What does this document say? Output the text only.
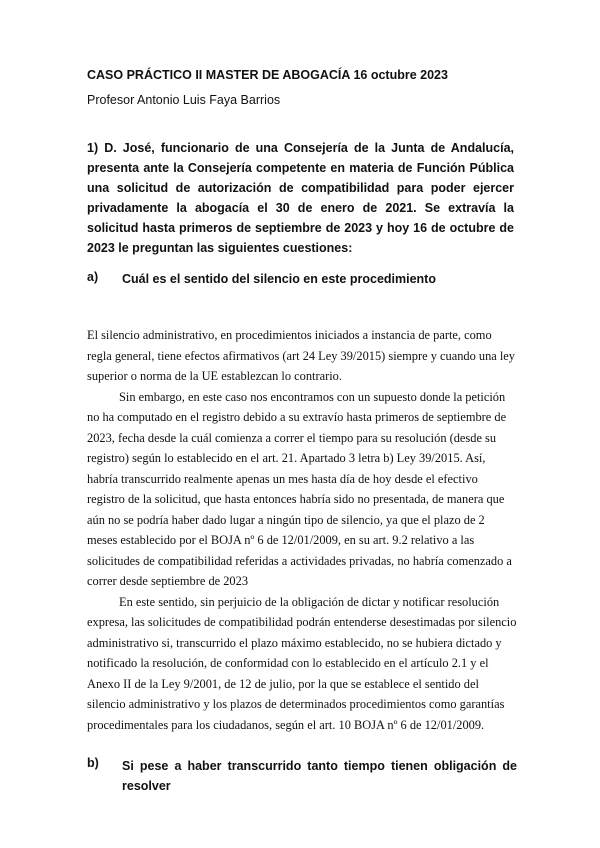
CASO PRÁCTICO II MASTER DE ABOGACÍA 16 octubre 2023
Profesor Antonio Luis Faya Barrios

1) D. José, funcionario de una Consejería de la Junta de Andalucía, presenta ante la Consejería competente en materia de Función Pública una solicitud de autorización de compatibilidad para poder ejercer privadamente la abogacía el 30 de enero de 2021. Se extravía la solicitud hasta primeros de septiembre de 2023 y hoy 16 de octubre de 2023 le preguntan las siguientes cuestiones:

a)	Cuál es el sentido del silencio en este procedimiento

El silencio administrativo, en procedimientos iniciados a instancia de parte, como regla general, tiene efectos afirmativos (art 24 Ley 39/2015) siempre y cuando una ley superior o norma de la UE establezcan lo contrario.

Sin embargo, en este caso nos encontramos con un supuesto donde la petición no ha computado en el registro debido a su extravío hasta primeros de septiembre de 2023, fecha desde la cuál comienza a correr el tiempo para su resolución (desde su registro) según lo establecido en el art. 21. Apartado 3 letra b) Ley 39/2015. Así, habría transcurrido realmente apenas un mes hasta día de hoy desde el efectivo registro de la solicitud, que hasta entonces habría sido no presentada, de manera que aún no se podría haber dado lugar a ningún tipo de silencio, ya que el plazo de 2 meses establecido por el BOJA nº 6 de 12/01/2009, en su art. 9.2 relativo a las solicitudes de compatibilidad referidas a actividades privadas, no habría comenzado a correr desde septiembre de 2023

En este sentido, sin perjuicio de la obligación de dictar y notificar resolución expresa, las solicitudes de compatibilidad podrán entenderse desestimadas por silencio administrativo si, transcurrido el plazo máximo establecido, no se hubiera dictado y notificado la resolución, de conformidad con lo establecido en el artículo 2.1 y el Anexo II de la Ley 9/2001, de 12 de julio, por la que se establece el sentido del silencio administrativo y los plazos de determinados procedimientos como garantías procedimentales para los ciudadanos, según el art. 10 BOJA nº 6 de 12/01/2009.

b)	Si pese a haber transcurrido tanto tiempo tienen obligación de resolver
